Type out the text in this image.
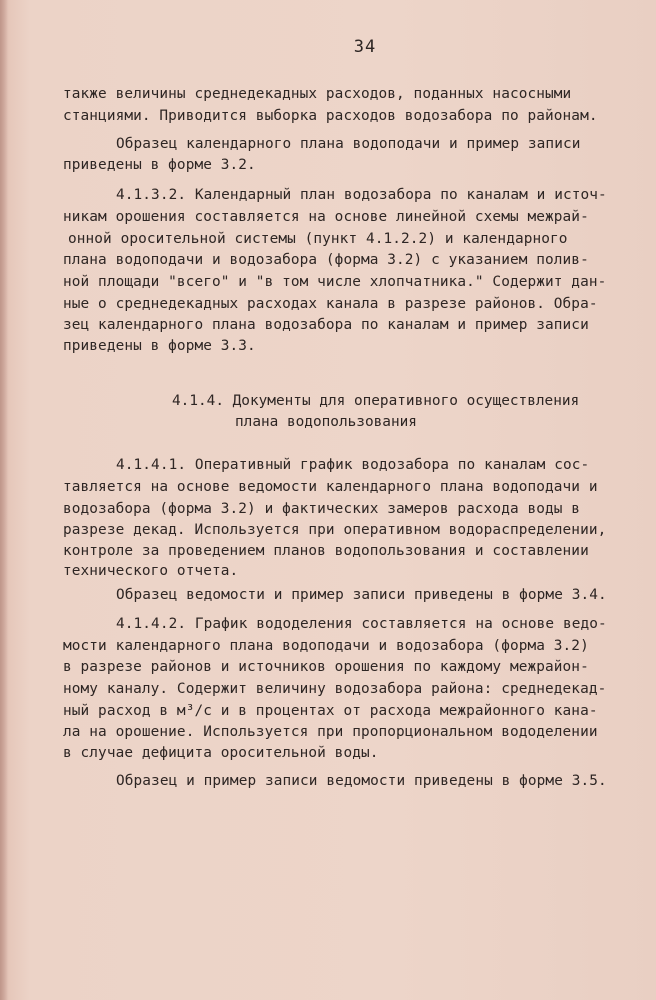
34
также величины среднедекадных расходов, поданных насосными
станциями. Приводится выборка расходов водозабора по районам.
Образец календарного плана водоподачи и пример записи
приведены в форме 3.2.
4.1.3.2. Календарный план водозабора по каналам и источ-
никам орошения составляется на основе линейной схемы межрай-
онной оросительной системы (пункт 4.1.2.2) и календарного
плана водоподачи и водозабора (форма 3.2) с указанием полив-
ной площади "всего" и "в том числе хлопчатника." Содержит дан-
ные о среднедекадных расходах канала в разрезе районов. Обра-
зец календарного плана водозабора по каналам и пример записи
приведены в форме 3.3.
4.1.4. Документы для оперативного осуществления
плана водопользования
4.1.4.1. Оперативный график водозабора по каналам сос-
тавляется на основе ведомости календарного плана водоподачи и
водозабора (форма 3.2) и фактических замеров расхода воды в
разрезе декад. Используется при оперативном водораспределении,
контроле за проведением планов водопользования и составлении
технического отчета.
Образец ведомости и пример записи приведены в форме 3.4.
4.1.4.2. График вододеления составляется на основе ведо-
мости календарного плана водоподачи и водозабора (форма 3.2)
в разрезе районов и источников орошения по каждому межрайон-
ному каналу. Содержит величину водозабора района: среднедекад-
ный расход в м³/с и в процентах от расхода межрайонного кана-
ла на орошение. Используется при пропорциональном вододелении
в случае дефицита оросительной воды.
Образец и пример записи ведомости приведены в форме 3.5.
